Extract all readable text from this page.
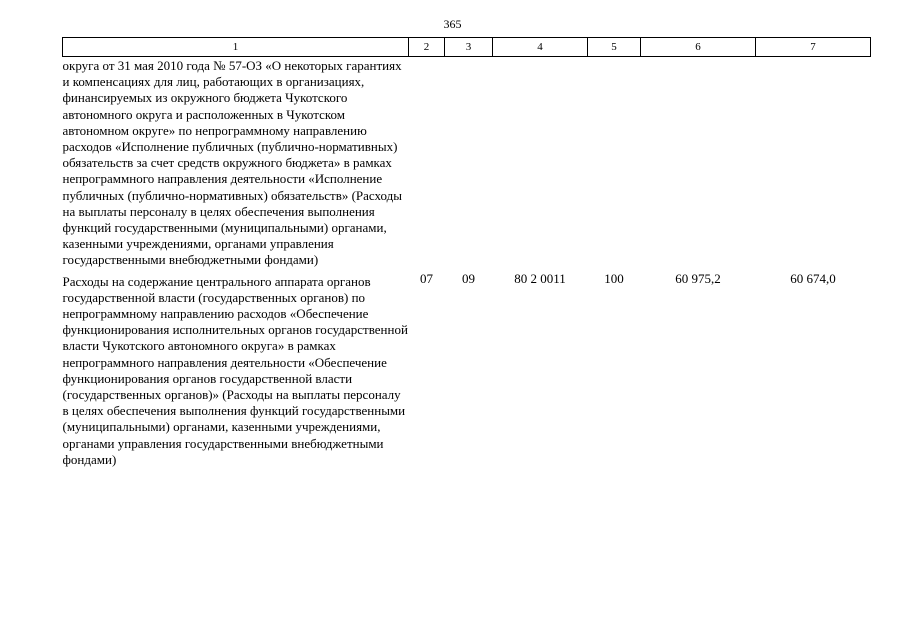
365
1	2	3	4	5	6	7
округа от 31 мая 2010 года № 57-ОЗ «О некоторых гарантиях и компенсациях для лиц, работающих в организациях, финансируемых из окружного бюджета Чукотского автономного округа и расположенных в Чукотском автономном округе» по непрограммному направлению расходов «Исполнение публичных (публично-нормативных) обязательств за счет средств окружного бюджета» в рамках непрограммного направления деятельности «Исполнение публичных (публично-нормативных) обязательств» (Расходы на выплаты персоналу в целях обеспечения выполнения функций государственными (муниципальными) органами, казенными учреждениями, органами управления государственными внебюджетными фондами)						
Расходы на содержание центрального аппарата органов государственной власти (государственных органов) по непрограммному направлению расходов «Обеспечение функционирования исполнительных органов государственной власти Чукотского автономного округа» в рамках непрограммного направления деятельности «Обеспечение функционирования органов государственной власти (государственных органов)» (Расходы на выплаты персоналу в целях обеспечения выполнения функций государственными (муниципальными) органами, казенными учреждениями, органами управления государственными внебюджетными фондами)	07	09	80 2 0011	100	60 975,2	60 674,0
